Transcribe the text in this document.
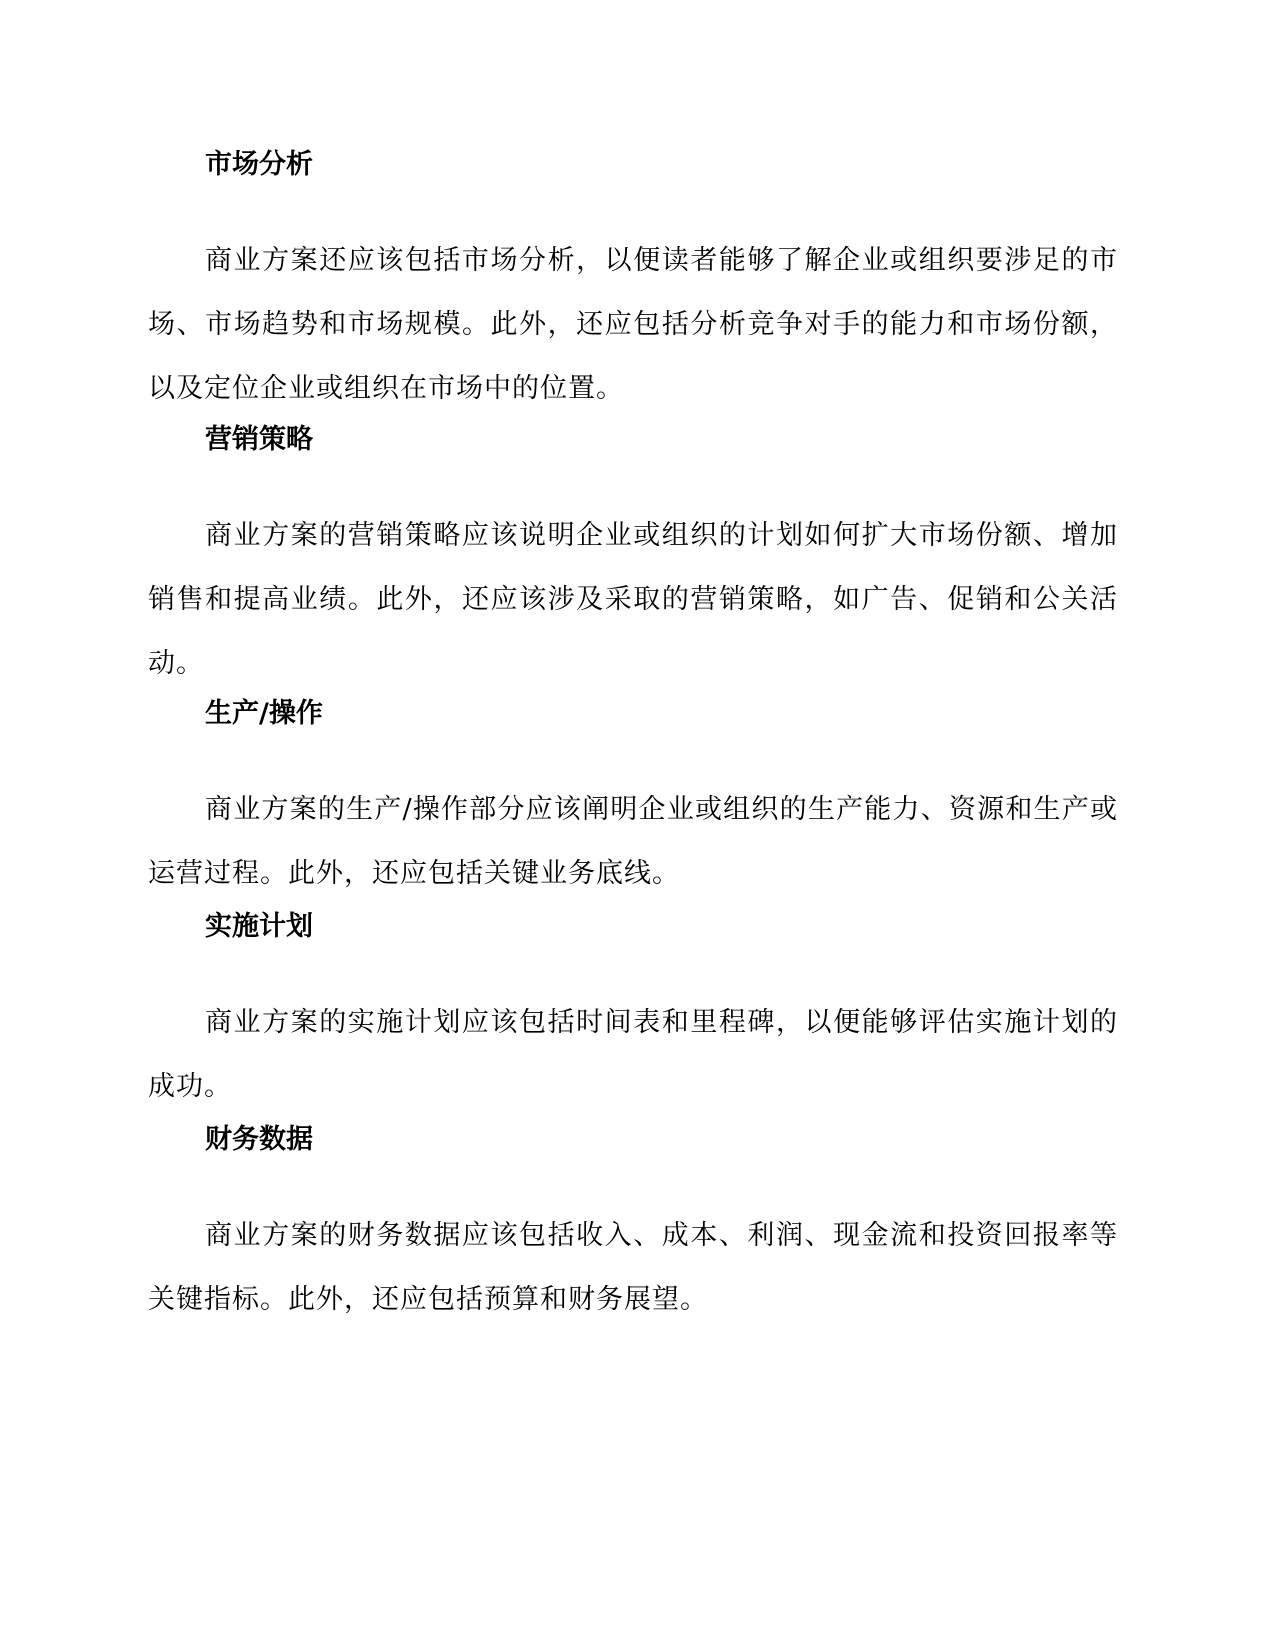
市场分析

商业方案还应该包括市场分析，以便读者能够了解企业或组织要涉足的市场、市场趋势和市场规模。此外，还应包括分析竞争对手的能力和市场份额，以及定位企业或组织在市场中的位置。

营销策略

商业方案的营销策略应该说明企业或组织的计划如何扩大市场份额、增加销售和提高业绩。此外，还应该涉及采取的营销策略，如广告、促销和公关活动。

生产/操作

商业方案的生产/操作部分应该阐明企业或组织的生产能力、资源和生产或运营过程。此外，还应包括关键业务底线。

实施计划

商业方案的实施计划应该包括时间表和里程碑，以便能够评估实施计划的成功。

财务数据

商业方案的财务数据应该包括收入、成本、利润、现金流和投资回报率等关键指标。此外，还应包括预算和财务展望。
